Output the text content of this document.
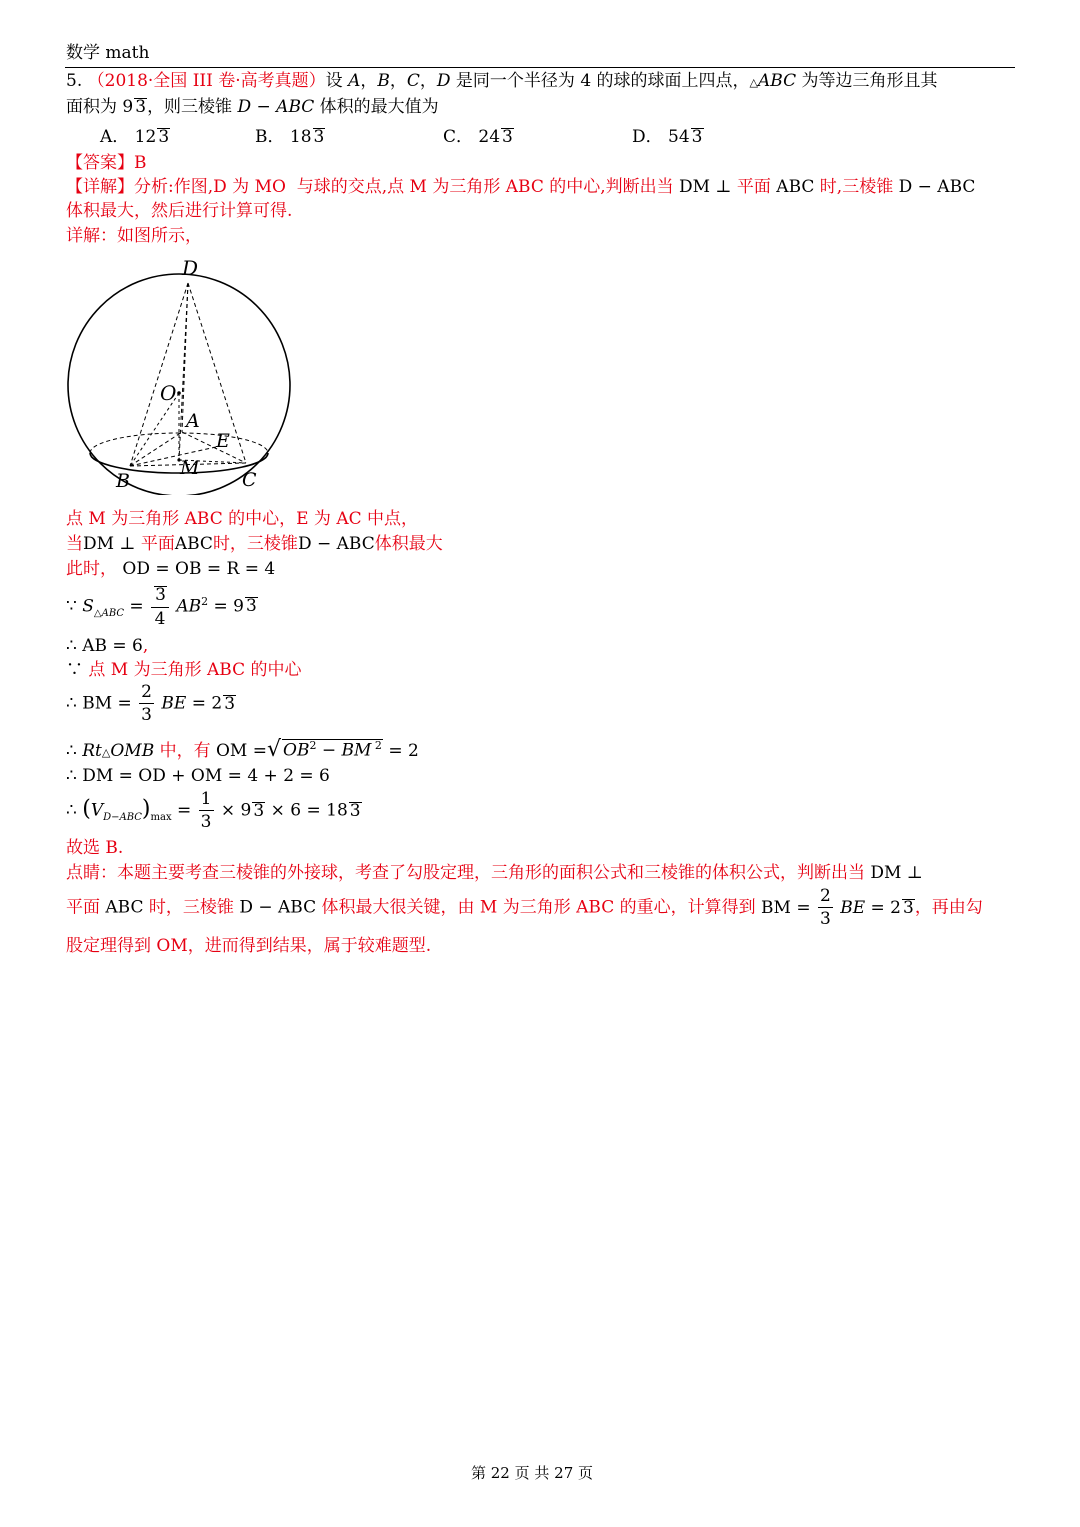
数学 math
5. （2018·全国 III 卷·高考真题）设 A，B，C，D 是同一个半径为 4 的球的球面上四点，△ABC 为等边三角形且其
面积为 9 3，则三棱锥 D − ABC 体积的最大值为
A． 12 3	B． 18 3	C． 24 3	D． 54 3
【答案】B
【详解】分析:作图,D 为 MO  与球的交点,点 M 为三角形 ABC 的中心,判断出当 DM ⊥ 平面 ABC 时,三棱锥 D − ABC
体积最大，然后进行计算可得.
详解：如图所示，
D
O
A
E
B
M
C
点 M 为三角形 ABC 的中心，E 为 AC 中点，
当DM ⊥ 平面ABC时，三棱锥D − ABC体积最大
此时， OD = OB = R = 4
∵ $S_{\triangle ABC} = \frac{3}{4} AB^2 = 9$ 3
∴ AB = 6,
∵ 点 M 为三角形 ABC 的中心
∴ BM = $\frac{2}{3}$ BE = 2 3
∴ Rt△OMB 中，有 OM =√ $OB^2$ − BM $^2$ = 2
∴ DM = OD + OM = 4 + 2 = 6
∴ $(V_{D-ABC})_{max} = \frac{1}{3} \times 9$ 3 × 6 = 18 3
故选 B.
点睛：本题主要考查三棱锥的外接球，考查了勾股定理，三角形的面积公式和三棱锥的体积公式，判断出当 DM ⊥
平面 ABC 时，三棱锥 D − ABC 体积最大很关键，由 M 为三角形 ABC 的重心，计算得到 BM = $\frac{2}{3}$ BE = 2 3，再由勾
股定理得到 OM，进而得到结果，属于较难题型.
第 22 页 共 27 页
